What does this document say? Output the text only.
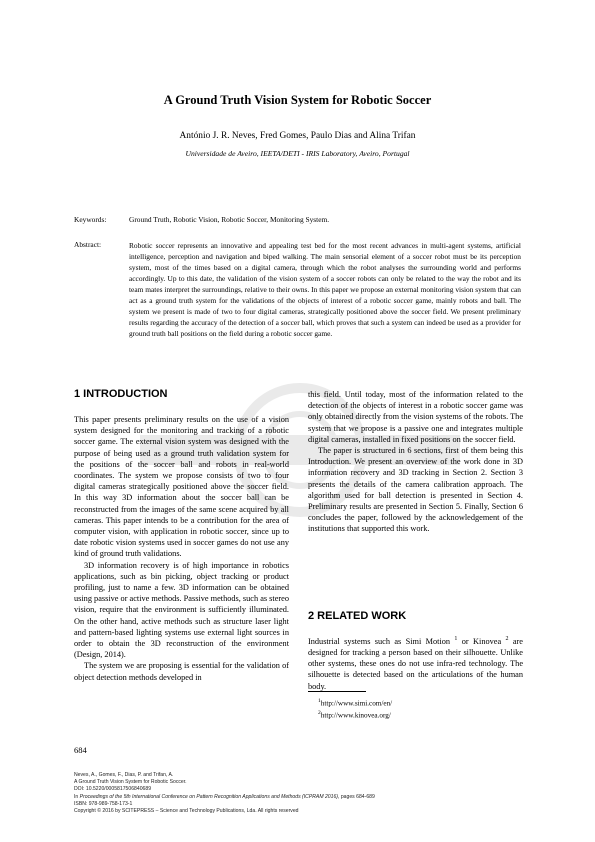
A Ground Truth Vision System for Robotic Soccer
António J. R. Neves, Fred Gomes, Paulo Dias and Alina Trifan
Universidade de Aveiro, IEETA/DETI - IRIS Laboratory, Aveiro, Portugal
Keywords:	Ground Truth, Robotic Vision, Robotic Soccer, Monitoring System.
Abstract:	Robotic soccer represents an innovative and appealing test bed for the most recent advances in multi-agent systems, artificial intelligence, perception and navigation and biped walking. The main sensorial element of a soccer robot must be its perception system, most of the times based on a digital camera, through which the robot analyses the surrounding world and performs accordingly. Up to this date, the validation of the vision system of a soccer robots can only be related to the way the robot and its team mates interpret the surroundings, relative to their owns. In this paper we propose an external monitoring vision system that can act as a ground truth system for the validations of the objects of interest of a robotic soccer game, mainly robots and ball. The system we present is made of two to four digital cameras, strategically positioned above the soccer field. We present preliminary results regarding the accuracy of the detection of a soccer ball, which proves that such a system can indeed be used as a provider for ground truth ball positions on the field during a robotic soccer game.
1 INTRODUCTION

This paper presents preliminary results on the use of a vision system designed for the monitoring and tracking of a robotic soccer game. The external vision system was designed with the purpose of being used as a ground truth validation system for the positions of the soccer ball and robots in real-world coordinates. The system we propose consists of two to four digital cameras strategically positioned above the soccer field. In this way 3D information about the soccer ball can be reconstructed from the images of the same scene acquired by all cameras. This paper intends to be a contribution for the area of computer vision, with application in robotic soccer, since up to date robotic vision systems used in soccer games do not use any kind of ground truth validations.

3D information recovery is of high importance in robotics applications, such as bin picking, object tracking or product profiling, just to name a few. 3D information can be obtained using passive or active methods. Passive methods, such as stereo vision, require that the environment is sufficiently illuminated. On the other hand, active methods such as structure laser light and pattern-based lighting systems use external light sources in order to obtain the 3D reconstruction of the environment (Design, 2014).

The system we are proposing is essential for the validation of object detection methods developed in

this field. Until today, most of the information related to the detection of the objects of interest in a robotic soccer game was only obtained directly from the vision systems of the robots. The system that we propose is a passive one and integrates multiple digital cameras, installed in fixed positions on the soccer field.

The paper is structured in 6 sections, first of them being this Introduction. We present an overview of the work done in 3D information recovery and 3D tracking in Section 2. Section 3 presents the details of the camera calibration approach. The algorithm used for ball detection is presented in Section 4. Preliminary results are presented in Section 5. Finally, Section 6 concludes the paper, followed by the acknowledgement of the institutions that supported this work.

2 RELATED WORK

Industrial systems such as Simi Motion $^1$ or Kinovea $^2$ are designed for tracking a person based on their silhouette. Unlike other systems, these ones do not use infra-red technology. The silhouette is detected based on the articulations of the human body.

$^1$http://www.simi.com/en/
$^2$http://www.kinovea.org/
684
Neves, A., Gomes, F., Dias, P. and Trifan, A.
A Ground Truth Vision System for Robotic Soccer.
DOI: 10.5220/0005817506840689
In Proceedings of the 5th International Conference on Pattern Recognition Applications and Methods (ICPRAM 2016), pages 684-689
ISBN: 978-989-758-173-1
Copyright © 2016 by SCITEPRESS – Science and Technology Publications, Lda. All rights reserved
